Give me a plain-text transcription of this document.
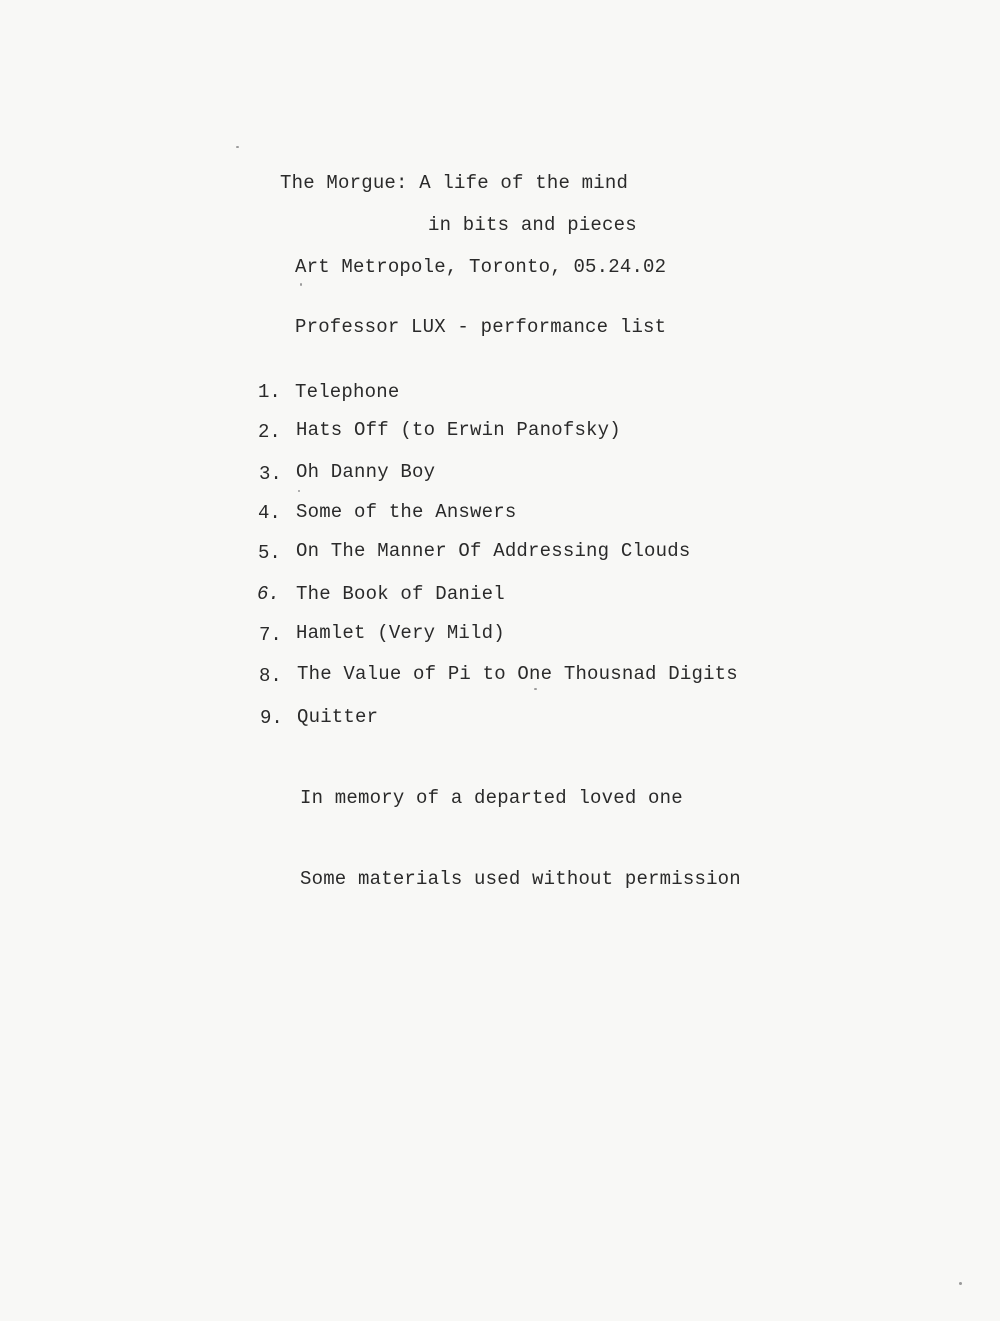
The Morgue: A life of the mind
in bits and pieces
Art Metropole, Toronto, 05.24.02
Professor LUX - performance list
1. Telephone
2. Hats Off (to Erwin Panofsky)
3. Oh Danny Boy
4. Some of the Answers
5. On The Manner Of Addressing Clouds
6. The Book of Daniel
7. Hamlet (Very Mild)
8. The Value of Pi to One Thousnad Digits
9. Quitter
In memory of a departed loved one
Some materials used without permission
